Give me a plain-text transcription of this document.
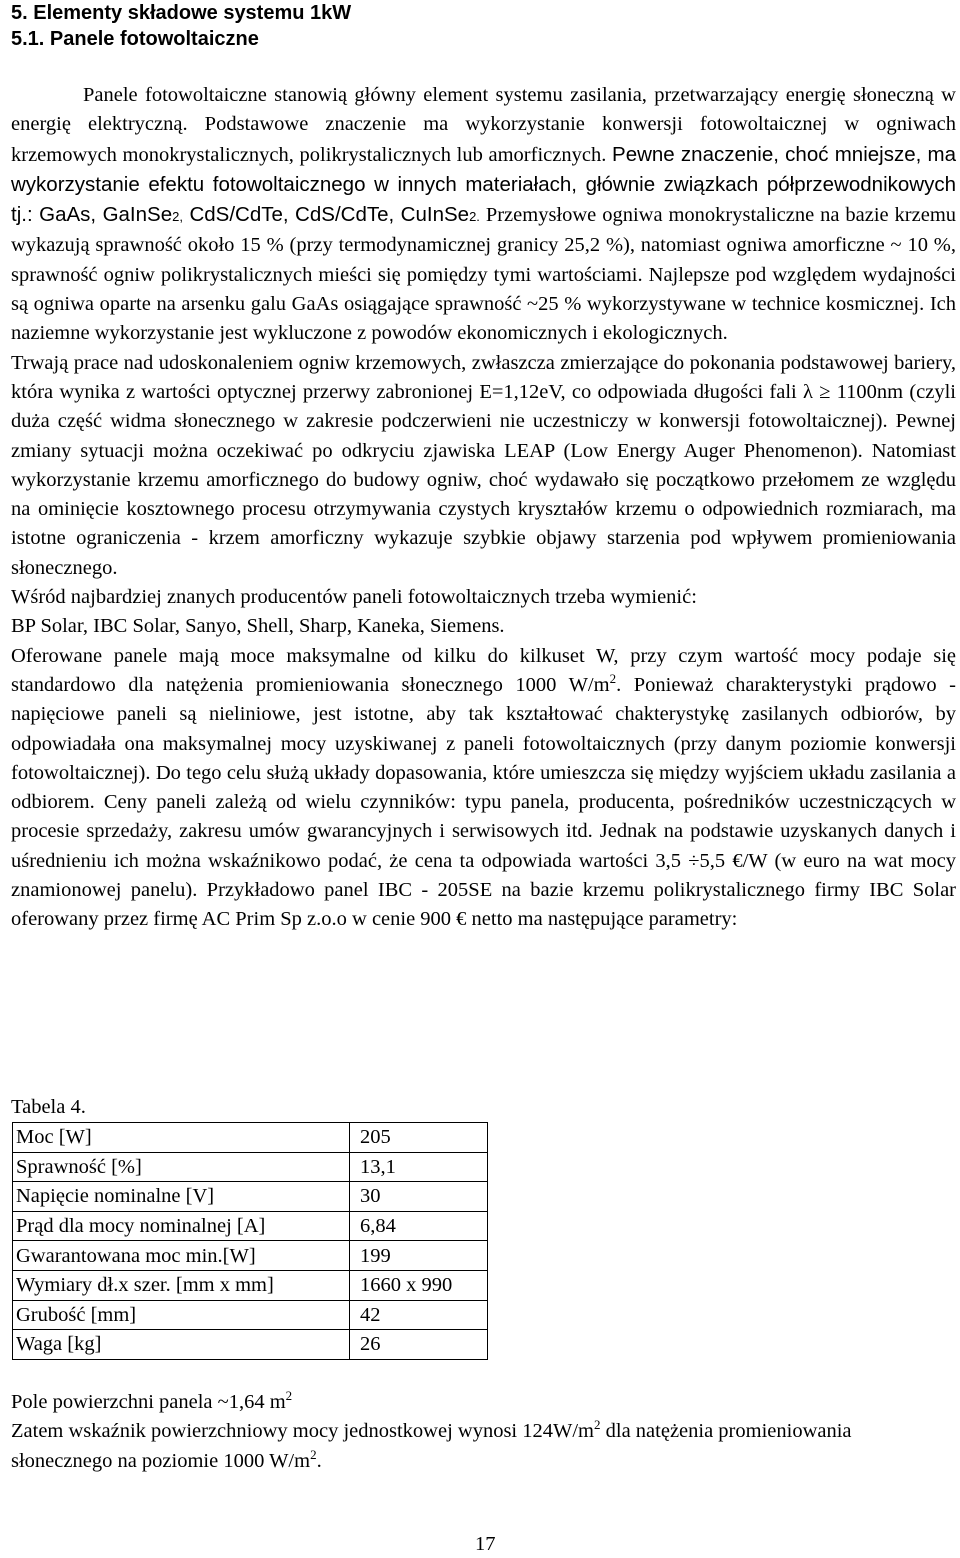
5. Elementy składowe systemu 1kW

5.1. Panele fotowoltaiczne

Panele fotowoltaiczne stanowią główny element systemu zasilania, przetwarzający energię słoneczną w energię elektryczną. Podstawowe znaczenie ma wykorzystanie konwersji fotowoltaicznej w ogniwach krzemowych monokrystalicznych, polikrystalicznych lub amorficznych. Pewne znaczenie, choć mniejsze, ma wykorzystanie efektu fotowoltaicznego w innych materiałach, głównie związkach półprzewodnikowych tj.: GaAs, GaInSe2, CdS/CdTe, CdS/CdTe, CuInSe2. Przemysłowe ogniwa monokrystaliczne na bazie krzemu wykazują sprawność około 15 % (przy termodynamicznej granicy 25,2 %), natomiast ogniwa amorficzne ~ 10 %, sprawność ogniw polikrystalicznych mieści się pomiędzy tymi wartościami. Najlepsze pod względem wydajności są ogniwa oparte na arsenku galu GaAs osiągające sprawność ~25 % wykorzystywane w technice kosmicznej. Ich naziemne wykorzystanie jest wykluczone z powodów ekonomicznych i ekologicznych.

Trwają prace nad udoskonaleniem ogniw krzemowych, zwłaszcza zmierzające do pokonania podstawowej bariery, która wynika z wartości optycznej przerwy zabronionej E=1,12eV, co odpowiada długości fali λ ≥ 1100nm (czyli duża część widma słonecznego w zakresie podczerwieni nie uczestniczy w konwersji fotowoltaicznej). Pewnej zmiany sytuacji można oczekiwać po odkryciu zjawiska LEAP (Low Energy Auger Phenomenon). Natomiast wykorzystanie krzemu amorficznego do budowy ogniw, choć wydawało się początkowo przełomem ze względu na ominięcie kosztownego procesu otrzymywania czystych kryształów krzemu o odpowiednich rozmiarach, ma istotne ograniczenia - krzem amorficzny wykazuje szybkie objawy starzenia pod wpływem promieniowania słonecznego.

Wśród najbardziej znanych producentów paneli fotowoltaicznych trzeba wymienić:

BP Solar, IBC Solar, Sanyo, Shell, Sharp, Kaneka, Siemens.

Oferowane panele mają moce maksymalne od kilku do kilkuset W, przy czym wartość mocy podaje się standardowo dla natężenia promieniowania słonecznego 1000 $W/m^2$. Ponieważ charakterystyki prądowo - napięciowe paneli są nieliniowe, jest istotne, aby tak kształtować chakterystykę zasilanych odbiorów, by odpowiadała ona maksymalnej mocy uzyskiwanej z paneli fotowoltaicznych (przy danym poziomie konwersji fotowoltaicznej). Do tego celu służą układy dopasowania, które umieszcza się między wyjściem układu zasilania a odbiorem. Ceny paneli zależą od wielu czynników: typu panela, producenta, pośredników uczestniczących w procesie sprzedaży, zakresu umów gwarancyjnych i serwisowych itd. Jednak na podstawie uzyskanych danych i uśrednieniu ich można wskaźnikowo podać, że cena ta odpowiada wartości 3,5 ÷5,5 €/W (w euro na wat mocy znamionowej panelu). Przykładowo panel IBC - 205SE na bazie krzemu polikrystalicznego firmy IBC Solar oferowany przez firmę AC Prim Sp z.o.o w cenie 900 € netto ma następujące parametry:

Tabela 4.

Moc [W]	205
Sprawność [%]	13,1
Napięcie nominalne [V]	30
Prąd dla mocy nominalnej [A]	6,84
Gwarantowana moc min.[W]	199
Wymiary dł.x szer. [mm x mm]	1660 x 990
Grubość [mm]	42
Waga [kg]	26

Pole powierzchni panela ~1,64 $m^2$

Zatem wskaźnik powierzchniowy mocy jednostkowej wynosi $124W/m^2$ dla natężenia promieniowania słonecznego na poziomie 1000 $W/m^2$.

17
